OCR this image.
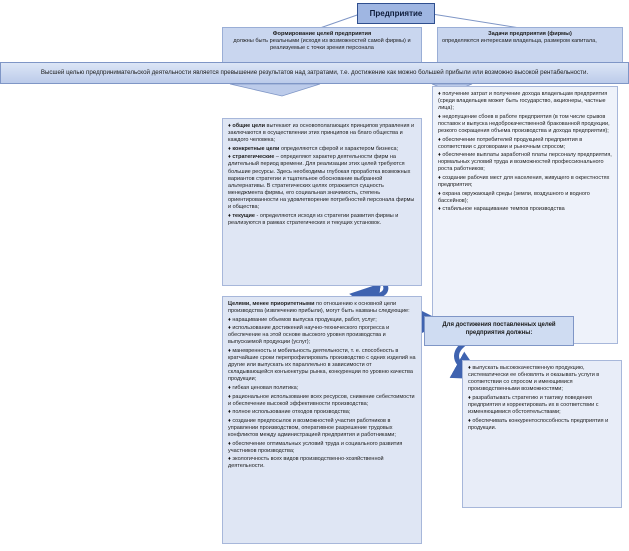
Предприятие
Формирование целей предприятия
должны быть реальными (исходя из возможностей самой фирмы) и реализуемые с точки зрения персонала
Задачи предприятия (фирмы)
определяются интересами владельца, размером капитала,
Высшей целью предпринимательской деятельности является превышение результатов над затратами, т.е. достижение как можно большей прибыли или возможно высокой рентабельности.

♦ получение затрат и получение дохода владельцам предприятия (среди владельцев может быть государство, акционеры, частные лица);

♦ недопущение сбоев в работе предприятия (в том числе срывов поставок и выпуска недоброкачественной бракованной продукции, резкого сокращения объема производства и дохода предприятия);

♦ обеспечение потребителей продукцией предприятия в соответствии с договорами и рыночным спросом;

♦ обеспечение выплаты заработной платы персоналу предприятия, нормальных условий труда и возможностей профессионального роста работников;

♦ создание рабочих мест для населения, живущего в окрестностях предприятия;

♦ охрана окружающей среды (земли, воздушного и водного бассейнов);

♦ стабильное наращивание темпов производства

♦ общие цели вытекают из основополагающих принципов управления и заключаются в осуществлении этих принципов на благо общества и каждого человека;

♦ конкретные цели определяются сферой и характером бизнеса;

♦ стратегические – определяют характер деятельности фирм на длительный период времени. Для реализации этих целей требуются большие ресурсы. Здесь необходимы глубокая проработка возможных вариантов стратегии и тщательное обоснование выбранной альтернативы. В стратегических целях отражается сущность менеджмента фирмы, его социальная значимость, степень ориентированности на удовлетворение потребностей персонала фирмы и общества;

♦ текущие - определяются исходя из стратегии развития фирмы и реализуются в рамках стратегических и текущих установок.

Целями, менее приоритетными по отношению к основной цели производства (извлечению прибыли), могут быть названы следующие:

♦ наращивание объемов выпуска продукции, работ, услуг;

♦ использование достижений научно-технического прогресса и обеспечение на этой основе высокого уровня производства и выпускаемой продукции (услуг);

♦ маневренность и мобильность деятельности, т. е. способность в кратчайшие сроки перепрофилировать производство с одних изделий на другие или выпускать их параллельно в зависимости от складывающейся конъюнктуры рынка, конкуренции по уровню качества продукции;

♦ гибкая ценовая политика;

♦ рациональное использование всех ресурсов, снижение себестоимости и обеспечение высокой эффективности производства;

♦ полное использование отходов производства;

♦ создание предпосылок и возможностей участия работников в управлении производством, оперативное разрешение трудовых конфликтов между администрацией предприятия и работниками;

♦ обеспечение оптимальных условий труда и социального развития участников производства;

♦ экологичность всех видов производственно-хозяйственной деятельности.

Для достижения поставленных целей предприятия должны:

♦ выпускать высококачественную продукцию, систематически ее обновлять и оказывать услуги в соответствии со спросом и имеющимися производственными возможностями;

♦ разрабатывать стратегию и тактику поведения предприятия и корректировать их в соответствии с изменяющимися обстоятельствами;

♦ обеспечивать конкурентоспособность предприятия и продукции.
